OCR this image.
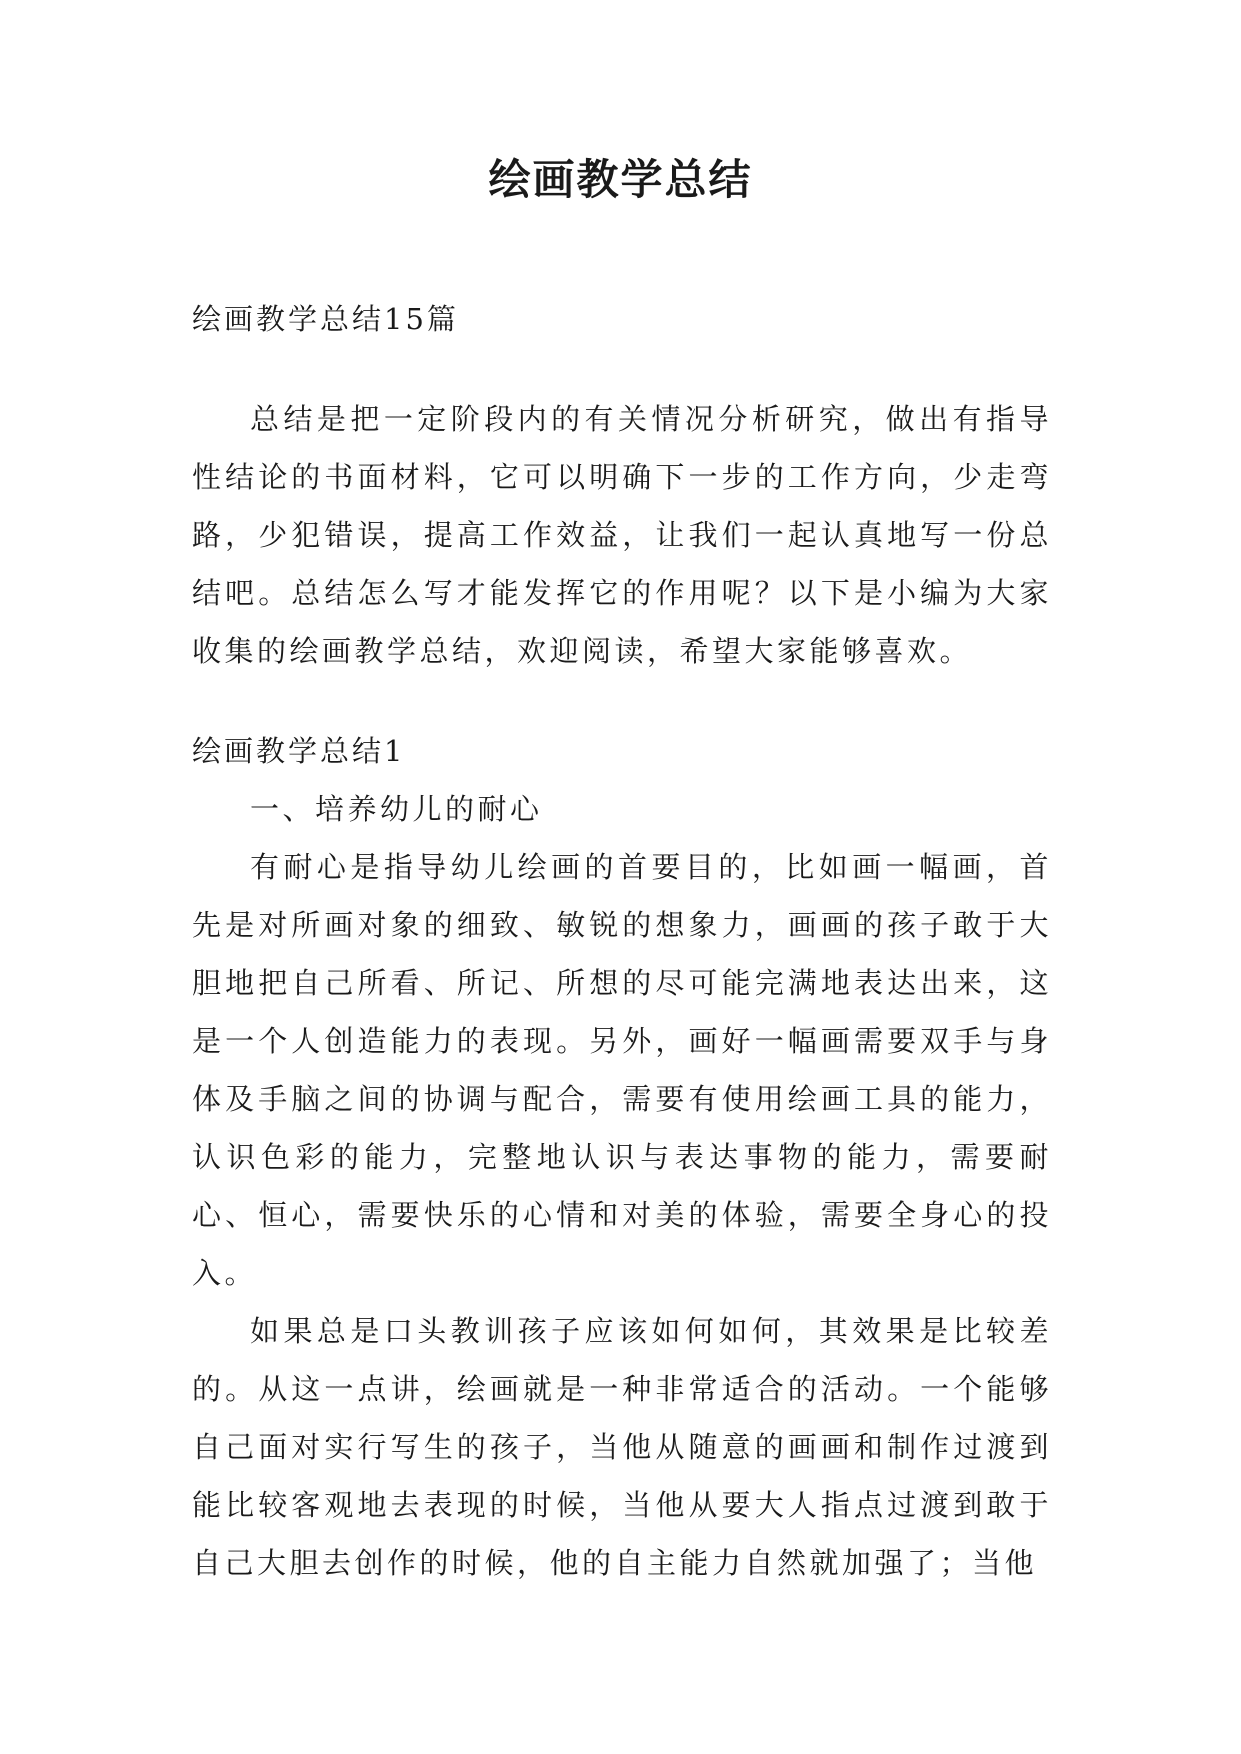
绘画教学总结

绘画教学总结15篇

总结是把一定阶段内的有关情况分析研究，做出有指导性结论的书面材料，它可以明确下一步的工作方向，少走弯路，少犯错误，提高工作效益，让我们一起认真地写一份总结吧。总结怎么写才能发挥它的作用呢？以下是小编为大家收集的绘画教学总结，欢迎阅读，希望大家能够喜欢。

绘画教学总结1

一、培养幼儿的耐心

有耐心是指导幼儿绘画的首要目的，比如画一幅画，首先是对所画对象的细致、敏锐的想象力，画画的孩子敢于大胆地把自己所看、所记、所想的尽可能完满地表达出来，这是一个人创造能力的表现。另外，画好一幅画需要双手与身体及手脑之间的协调与配合，需要有使用绘画工具的能力，认识色彩的能力，完整地认识与表达事物的能力，需要耐心、恒心，需要快乐的心情和对美的体验，需要全身心的投入。

如果总是口头教训孩子应该如何如何，其效果是比较差的。从这一点讲，绘画就是一种非常适合的活动。一个能够自己面对实行写生的孩子，当他从随意的画画和制作过渡到能比较客观地去表现的时候，当他从要大人指点过渡到敢于自己大胆去创作的时候，他的自主能力自然就加强了；当他
